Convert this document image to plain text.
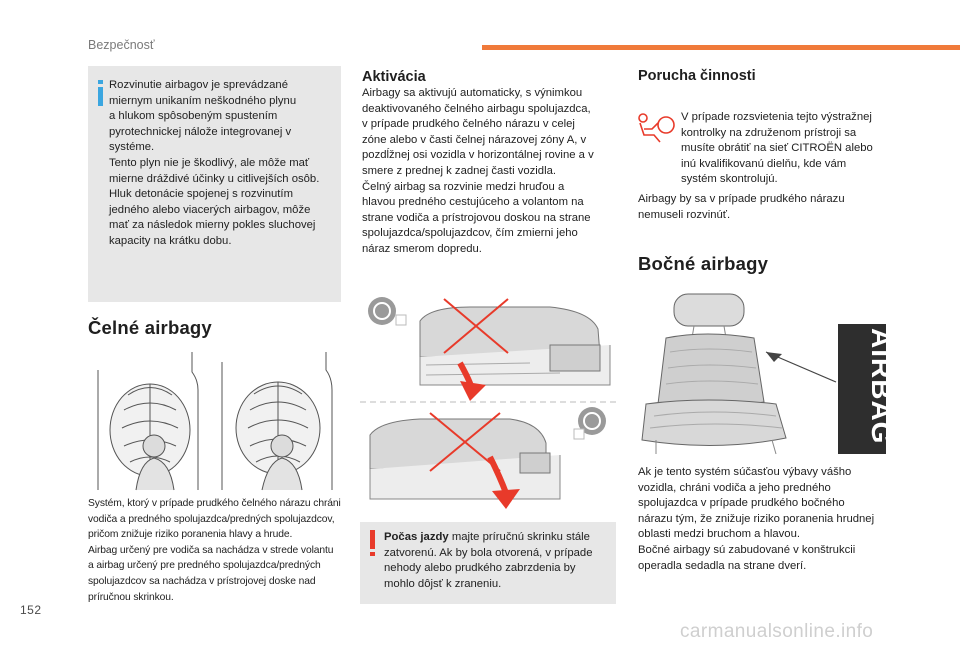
Bezpečnosť
Rozvinutie airbagov je sprevádzané
miernym unikaním neškodného plynu
a hlukom spôsobeným spustením
pyrotechnickej nálože integrovanej v
systéme.
Tento plyn nie je škodlivý, ale môže mať
mierne dráždivé účinky u citlivejších osôb.
Hluk detonácie spojenej s rozvinutím
jedného alebo viacerých airbagov, môže
mať za následok mierny pokles sluchovej
kapacity na krátku dobu.
Čelné airbagy
Systém, ktorý v prípade prudkého čelného nárazu chráni
vodiča a predného spolujazdca/predných spolujazdcov,
pričom znižuje riziko poranenia hlavy a hrude.
Airbag určený pre vodiča sa nachádza v strede volantu
a airbag určený pre predného spolujazdca/predných
spolujazdcov sa nachádza v prístrojovej doske nad
príručnou skrinkou.
Aktivácia
Airbagy sa aktivujú automaticky, s výnimkou
deaktivovaného čelného airbagu spolujazdca,
v prípade prudkého čelného nárazu v celej
zóne alebo v časti čelnej nárazovej zóny A, v
pozdĺžnej osi vozidla v horizontálnej rovine a v
smere z prednej k zadnej časti vozidla.
Čelný airbag sa rozvinie medzi hruďou a
hlavou predného cestujúceho a volantom na
strane vodiča a prístrojovou doskou na strane
spolujazdca/spolujazdcov, čím zmierni jeho
náraz smerom dopredu.
Počas jazdy majte príručnú skrinku stále
zatvorenú. Ak by bola otvorená, v prípade
nehody alebo prudkého zabrzdenia by
mohlo dôjsť k zraneniu.
Porucha činnosti
V prípade rozsvietenia tejto výstražnej
kontrolky na združenom prístroji sa
musíte obrátiť na sieť CITROËN alebo
inú kvalifikovanú dielňu, kde vám
systém skontrolujú.
Airbagy by sa v prípade prudkého nárazu
nemuseli rozvinúť.
Bočné airbagy
AIRBAG
Ak je tento systém súčasťou výbavy vášho
vozidla, chráni vodiča a jeho predného
spolujazdca v prípade prudkého bočného
nárazu tým, že znižuje riziko poranenia hrudnej
oblasti medzi bruchom a hlavou.
Bočné airbagy sú zabudované v konštrukcii
operadla sedadla na strane dverí.
152
carmanualsonline.info
